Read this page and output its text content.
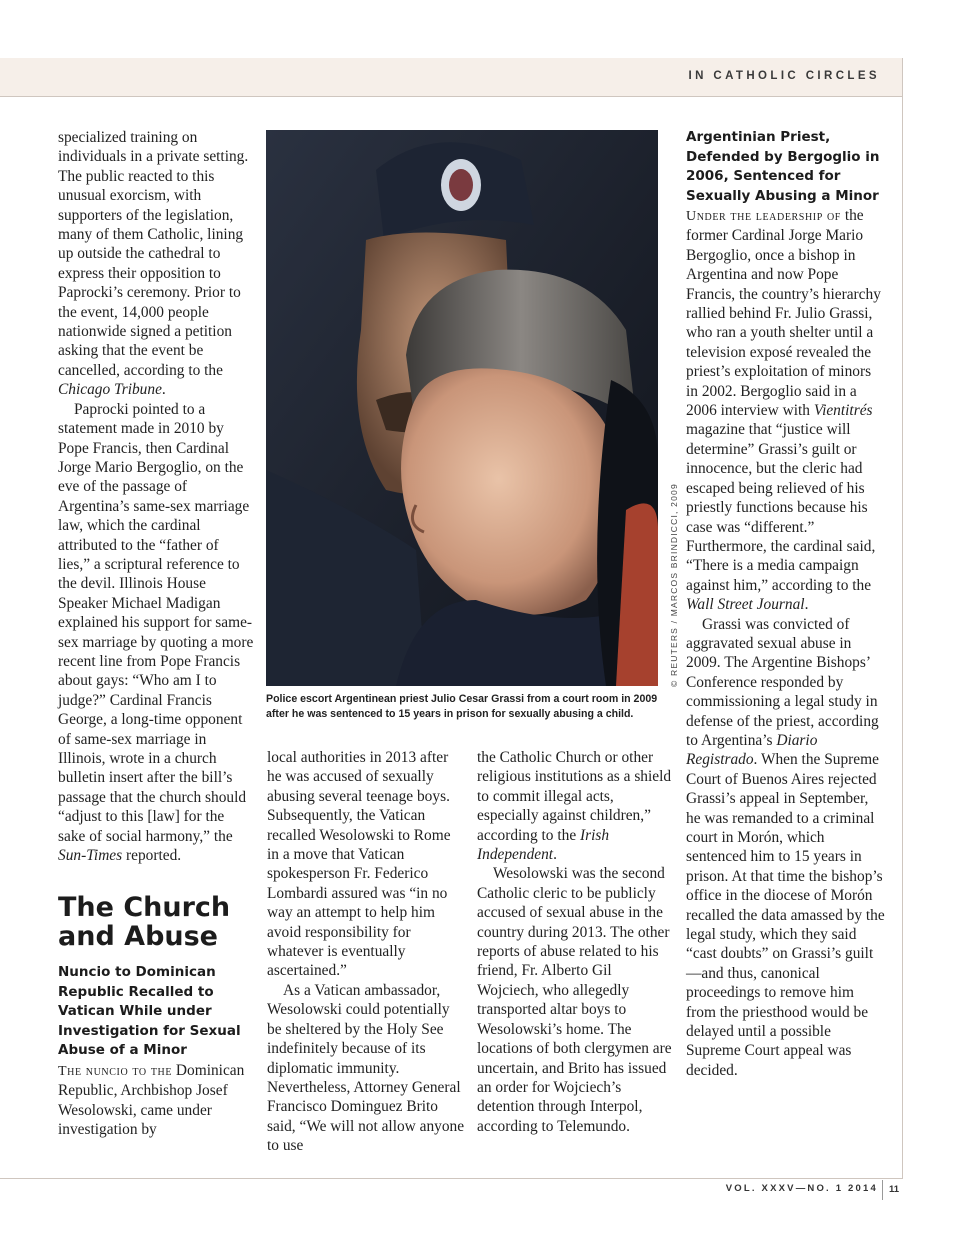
IN CATHOLIC CIRCLES

specialized training on individuals in a private setting. The public reacted to this unusual exorcism, with supporters of the legislation, many of them Catholic, lining up outside the cathedral to express their opposition to Paprocki’s ceremony. Prior to the event, 14,000 people nationwide signed a petition asking that the event be cancelled, according to the Chicago Tribune.

Paprocki pointed to a statement made in 2010 by Pope Francis, then Cardinal Jorge Mario Bergoglio, on the eve of the passage of Argentina’s same-sex marriage law, which the cardinal attributed to the “father of lies,” a scriptural reference to the devil. Illinois House Speaker Michael Madigan explained his support for same-sex marriage by quoting a more recent line from Pope Francis about gays: “Who am I to judge?” Cardinal Francis George, a long-time opponent of same-sex marriage in Illinois, wrote in a church bulletin insert after the bill’s passage that the church should “adjust to this [law] for the sake of social harmony,” the Sun-Times reported.

The Church and Abuse
Nuncio to Dominican Republic Recalled to Vatican While under Investigation for Sexual Abuse of a Minor

The nuncio to the Dominican Republic, Archbishop Josef Wesolowski, came under investigation by

© REUTERS / MARCOS BRINDICCI, 2009
Police escort Argentinean priest Julio Cesar Grassi from a court room in 2009 after he was sentenced to 15 years in prison for sexually abusing a child.

local authorities in 2013 after he was accused of sexually abusing several teenage boys. Subsequently, the Vatican recalled Wesolowski to Rome in a move that Vatican spokesperson Fr. Federico Lombardi assured was “in no way an attempt to help him avoid responsibility for whatever is eventually ascertained.”

As a Vatican ambassador, Wesolowski could potentially be sheltered by the Holy See indefinitely because of its diplomatic immunity. Nevertheless, Attorney General Francisco Dominguez Brito said, “We will not allow anyone to use

the Catholic Church or other religious institutions as a shield to commit illegal acts, especially against children,” according to the Irish Independent.

Wesolowski was the second Catholic cleric to be publicly accused of sexual abuse in the country during 2013. The other reports of abuse related to his friend, Fr. Alberto Gil Wojciech, who allegedly transported altar boys to Wesolowski’s home. The locations of both clergymen are uncertain, and Brito has issued an order for Wojciech’s detention through Interpol, according to Telemundo.

Argentinian Priest, Defended by Bergoglio in 2006, Sentenced for Sexually Abusing a Minor

Under the leadership of the former Cardinal Jorge Mario Bergoglio, once a bishop in Argentina and now Pope Francis, the country’s hierarchy rallied behind Fr. Julio Grassi, who ran a youth shelter until a television exposé revealed the priest’s exploitation of minors in 2002. Bergoglio said in a 2006 interview with Vientitrés magazine that “justice will determine” Grassi’s guilt or innocence, but the cleric had escaped being relieved of his priestly functions because his case was “different.” Furthermore, the cardinal said, “There is a media campaign against him,” according to the Wall Street Journal.

Grassi was convicted of aggravated sexual abuse in 2009. The Argentine Bishops’ Conference responded by commissioning a legal study in defense of the priest, according to Argentina’s Diario Registrado. When the Supreme Court of Buenos Aires rejected Grassi’s appeal in September, he was remanded to a criminal court in Morón, which sentenced him to 15 years in prison. At that time the bishop’s office in the diocese of Morón recalled the data amassed by the legal study, which they said “cast doubts” on Grassi’s guilt—and thus, canonical proceedings to remove him from the priesthood would be delayed until a possible Supreme Court appeal was decided.

VOL. XXXV—NO. 1 2014 11
